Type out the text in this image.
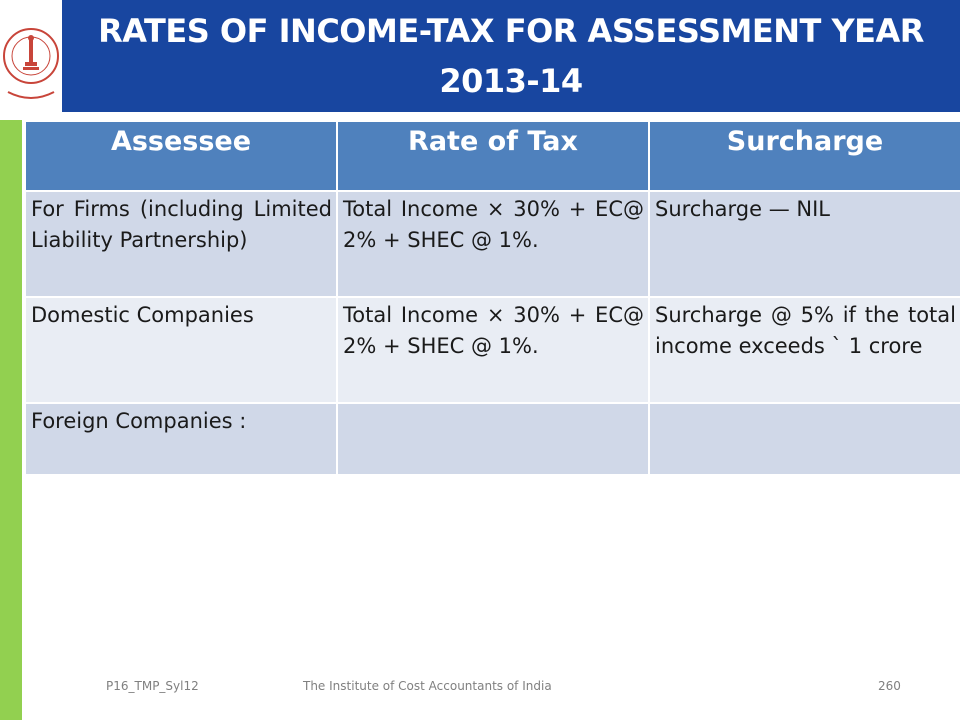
RATES OF INCOME-TAX FOR ASSESSMENT YEAR
2013-14
Assessee	Rate of Tax	Surcharge
For Firms (including Limited Liability Partnership)	Total Income × 30% + EC@ 2% + SHEC @ 1%.	Surcharge — NIL
Domestic Companies	Total Income × 30% + EC@ 2% + SHEC @ 1%.	Surcharge @ 5% if the total income exceeds ` 1 crore
Foreign Companies :		
P16_TMP_Syl12	The Institute of Cost Accountants of India	260
